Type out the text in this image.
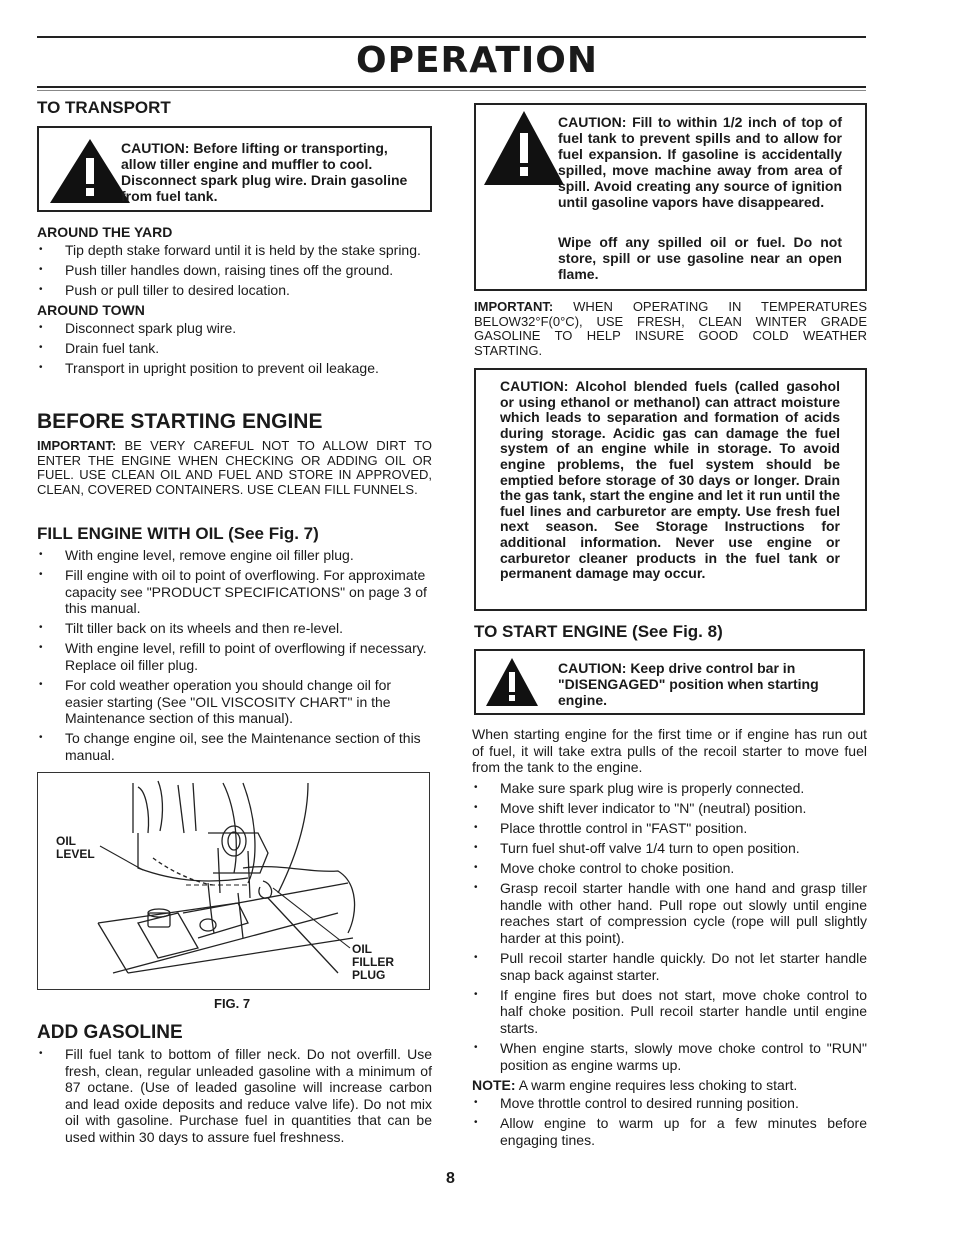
OPERATION
TO TRANSPORT
CAUTION: Before lifting or transporting, allow tiller engine and muffler to cool. Disconnect spark plug wire. Drain gasoline from fuel tank.
AROUND THE YARD
• Tip depth stake forward until it is held by the stake spring.
• Push tiller handles down, raising tines off the ground.
• Push or pull tiller to desired location.
AROUND TOWN
• Disconnect spark plug wire.
• Drain fuel tank.
• Transport in upright position to prevent oil leakage.
BEFORE STARTING ENGINE

IMPORTANT: BE VERY CAREFUL NOT TO ALLOW DIRT TO ENTER THE ENGINE WHEN CHECKING OR ADDING OIL OR FUEL. USE CLEAN OIL AND FUEL AND STORE IN APPROVED, CLEAN, COVERED CONTAINERS. USE CLEAN FILL FUNNELS.

FILL ENGINE WITH OIL (See Fig. 7)
• With engine level, remove engine oil filler plug.
• Fill engine with oil to point of overflowing. For approximate capacity see "PRODUCT SPECIFICATIONS" on page 3 of this manual.
• Tilt tiller back on its wheels and then re-level.
• With engine level, refill to point of overflowing if necessary. Replace oil filler plug.
• For cold weather operation you should change oil for easier starting (See "OIL VISCOSITY CHART" in the Maintenance section of this manual).
• To change engine oil, see the Maintenance section of this manual.
OIL
LEVEL
OIL
FILLER
PLUG
FIG. 7
ADD GASOLINE
• Fill fuel tank to bottom of filler neck. Do not overfill. Use fresh, clean, regular unleaded gasoline with a minimum of 87 octane. (Use of leaded gasoline will increase carbon and lead oxide deposits and reduce valve life). Do not mix oil with gasoline. Purchase fuel in quantities that can be used within 30 days to assure fuel freshness.
CAUTION: Fill to within 1/2 inch of top of fuel tank to prevent spills and to allow for fuel expansion. If gasoline is accidentally spilled, move machine away from area of spill. Avoid creating any source of ignition until gasoline vapors have disappeared.
Wipe off any spilled oil or fuel. Do not store, spill or use gasoline near an open flame.

IMPORTANT: WHEN OPERATING IN TEMPERATURES BELOW32°F(0°C), USE FRESH, CLEAN WINTER GRADE GASOLINE TO HELP INSURE GOOD COLD WEATHER STARTING.

CAUTION: Alcohol blended fuels (called gasohol or using ethanol or methanol) can attract moisture which leads to separation and formation of acids during storage. Acidic gas can damage the fuel system of an engine while in storage. To avoid engine problems, the fuel system should be emptied before storage of 30 days or longer. Drain the gas tank, start the engine and let it run until the fuel lines and carburetor are empty. Use fresh fuel next season. See Storage Instructions for additional information. Never use engine or carburetor cleaner products in the fuel tank or permanent damage may occur.
TO START ENGINE (See Fig. 8)
CAUTION: Keep drive control bar in "DISENGAGED" position when starting engine.

When starting engine for the first time or if engine has run out of fuel, it will take extra pulls of the recoil starter to move fuel from the tank to the engine.

• Make sure spark plug wire is properly connected.
• Move shift lever indicator to "N" (neutral) position.
• Place throttle control in "FAST" position.
• Turn fuel shut-off valve 1/4 turn to open position.
• Move choke control to choke position.
• Grasp recoil starter handle with one hand and grasp tiller handle with other hand. Pull rope out slowly until engine reaches start of compression cycle (rope will pull slightly harder at this point).
• Pull recoil starter handle quickly. Do not let starter handle snap back against starter.
• If engine fires but does not start, move choke control to half choke position. Pull recoil starter handle until engine starts.
• When engine starts, slowly move choke control to "RUN" position as engine warms up.

NOTE: A warm engine requires less choking to start.

• Move throttle control to desired running position.
• Allow engine to warm up for a few minutes before engaging tines.
8
